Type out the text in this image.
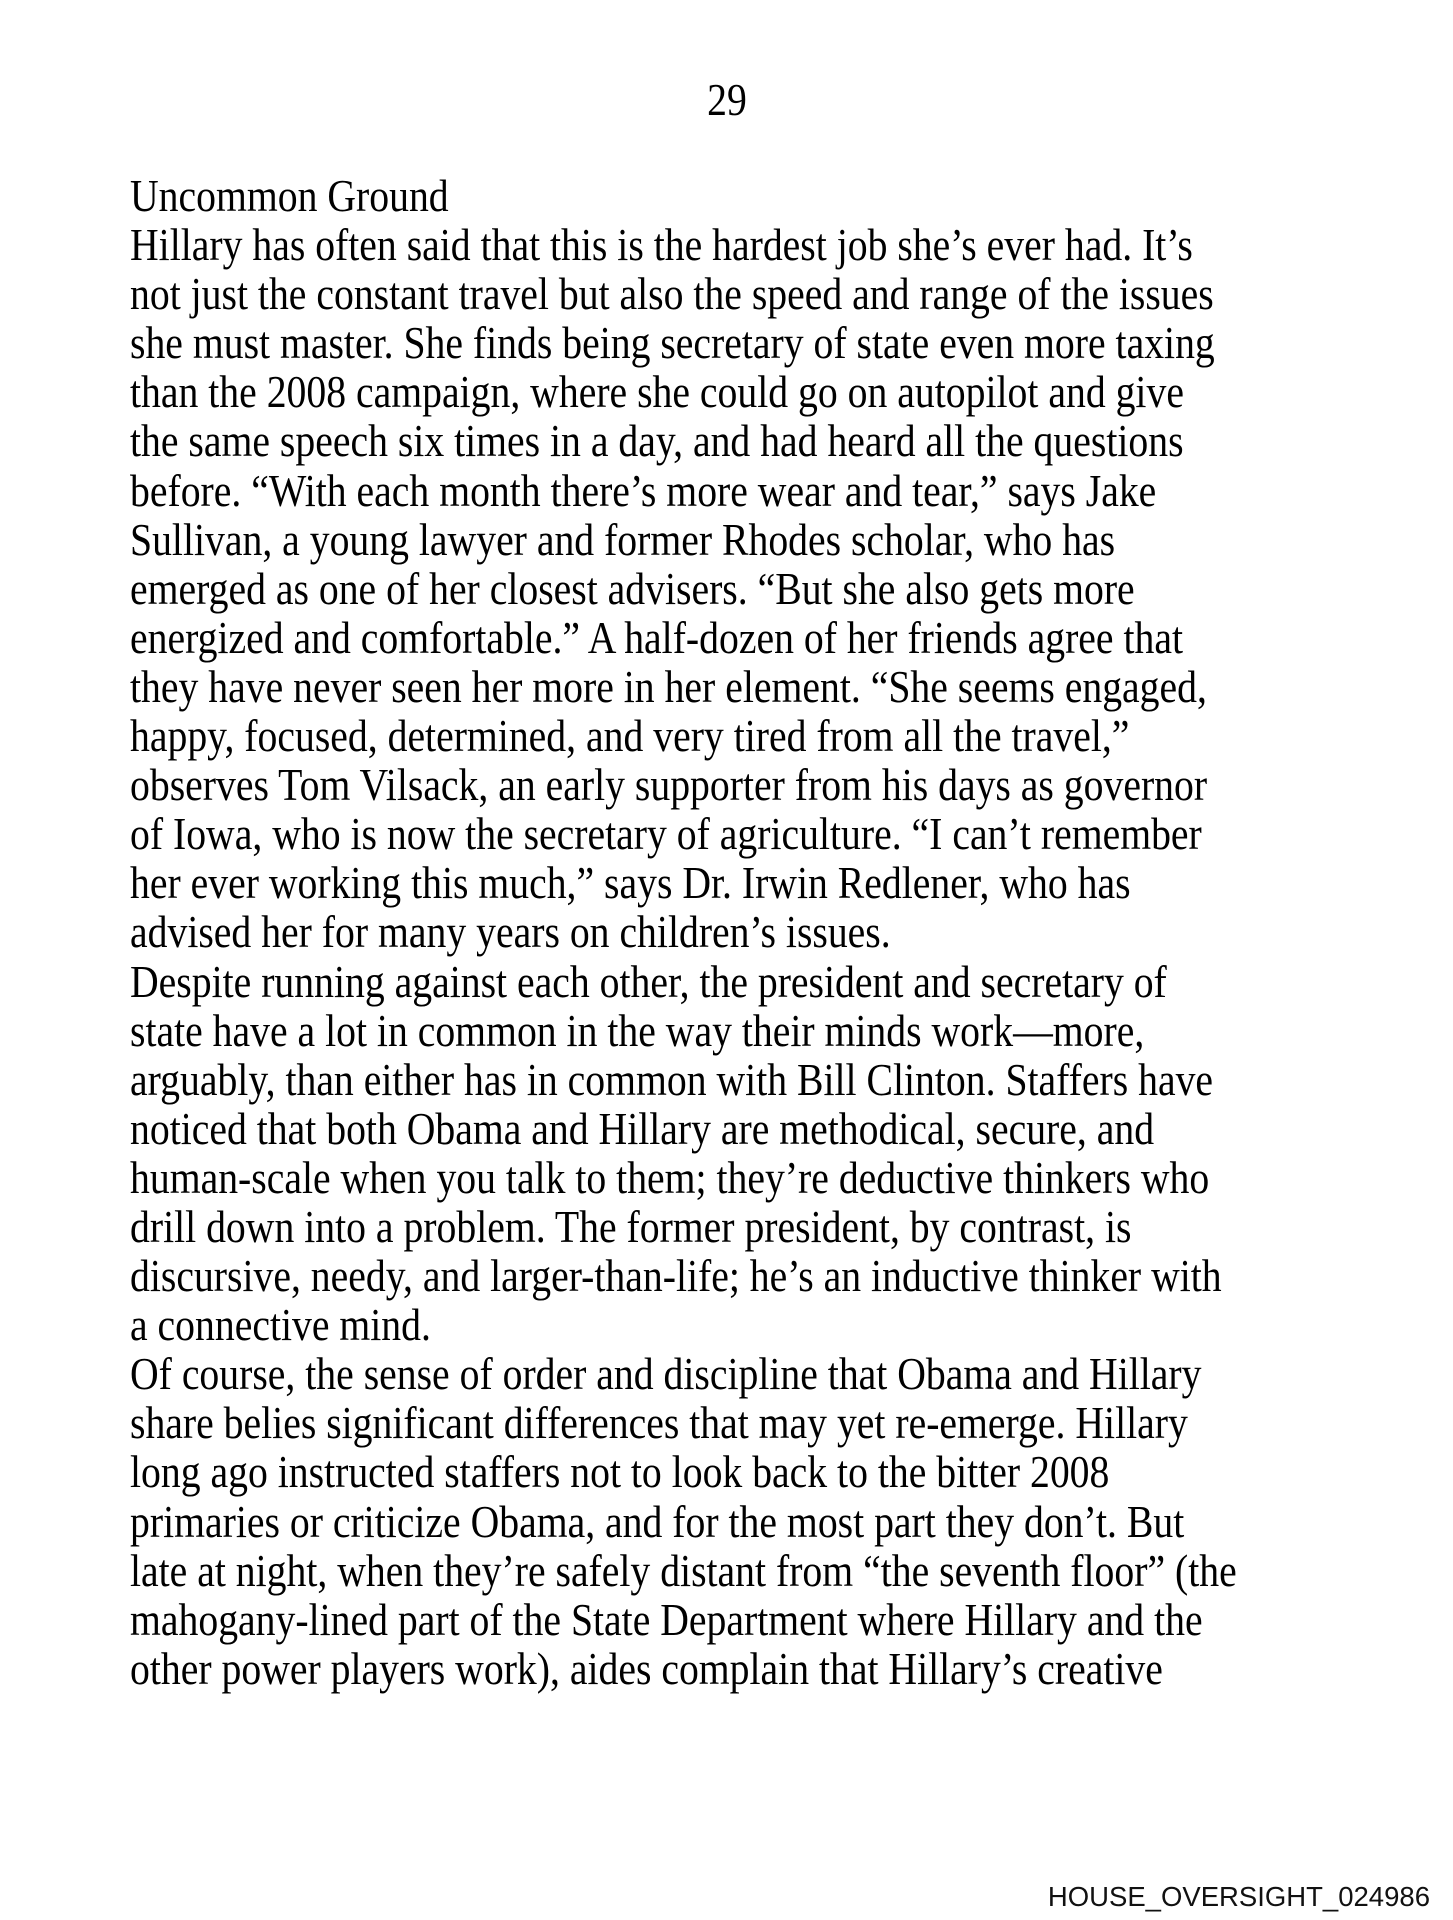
29
Uncommon Ground
Hillary has often said that this is the hardest job she’s ever had. It’s
not just the constant travel but also the speed and range of the issues
she must master. She finds being secretary of state even more taxing
than the 2008 campaign, where she could go on autopilot and give
the same speech six times in a day, and had heard all the questions
before. “With each month there’s more wear and tear,” says Jake
Sullivan, a young lawyer and former Rhodes scholar, who has
emerged as one of her closest advisers. “But she also gets more
energized and comfortable.” A half-dozen of her friends agree that
they have never seen her more in her element. “She seems engaged,
happy, focused, determined, and very tired from all the travel,”
observes Tom Vilsack, an early supporter from his days as governor
of Iowa, who is now the secretary of agriculture. “I can’t remember
her ever working this much,” says Dr. Irwin Redlener, who has
advised her for many years on children’s issues.
Despite running against each other, the president and secretary of
state have a lot in common in the way their minds work—more,
arguably, than either has in common with Bill Clinton. Staffers have
noticed that both Obama and Hillary are methodical, secure, and
human-scale when you talk to them; they’re deductive thinkers who
drill down into a problem. The former president, by contrast, is
discursive, needy, and larger-than-life; he’s an inductive thinker with
a connective mind.
Of course, the sense of order and discipline that Obama and Hillary
share belies significant differences that may yet re-emerge. Hillary
long ago instructed staffers not to look back to the bitter 2008
primaries or criticize Obama, and for the most part they don’t. But
late at night, when they’re safely distant from “the seventh floor” (the
mahogany-lined part of the State Department where Hillary and the
other power players work), aides complain that Hillary’s creative
HOUSE_OVERSIGHT_024986
